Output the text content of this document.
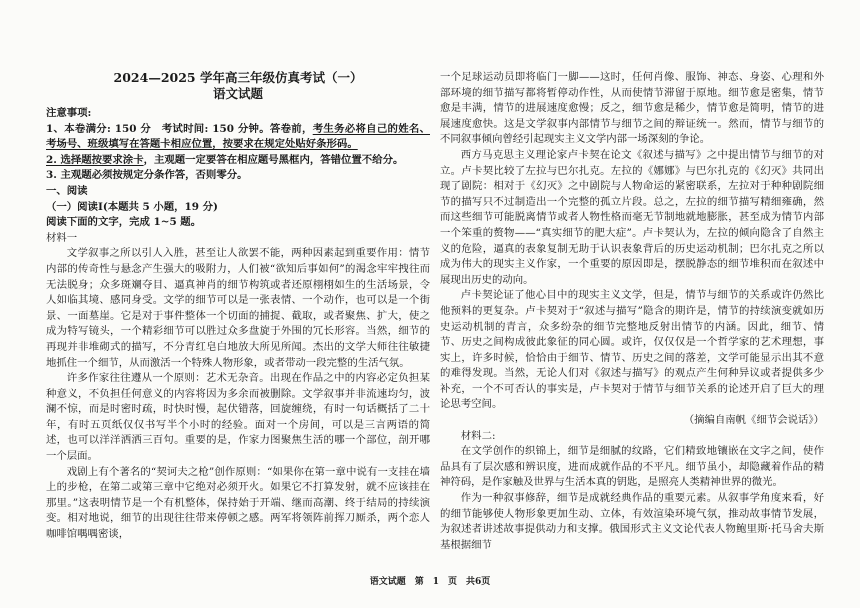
2024—2025 学年高三年级仿真考试（一）

语文试题

注意事项:

1、本卷满分: 150 分　考试时间: 150 分钟。答卷前，考生务必将自己的姓名、考场号、班级填写在答题卡相应位置，按要求在规定处贴好条形码。

2. 选择题按要求涂卡，主观题一定要答在相应题号黑框内，答错位置不给分。

3. 主观题必须按规定分条作答，否则零分。

一、阅读

（一）阅读Ⅰ(本题共 5 小题，19 分)

阅读下面的文字，完成 1~5 题。

材料一

文学叙事之所以引人入胜，甚至让人欲罢不能，两种因素起到重要作用：情节内部的传奇性与悬念产生强大的吸附力，人们被“欲知后事如何”的渴念牢牢拽往而无法脱身；众多斑斓夺目、逼真神肖的细节构筑或者还原栩栩如生的生活场景，令人如临其境、感同身受。文学的细节可以是一张表情、一个动作，也可以是一个街景、一面墓崖。它是对于事件整体一个切面的捕捉、截取，或者聚焦、扩大，使之成为特写镜头，一个精彩细节可以胜过众多盘旋于外围的冗长形容。当然，细节的再现并非堆砌式的描写，不分青红皂白地放大所见所闻。杰出的文学大师往往敏捷地抓住一个细节，从而激活一个特殊人物形象，或者带动一段完整的生活气氛。

许多作家往往遵从一个原则：艺术无杂音。出现在作品之中的内容必定负担某种意义，不负担任何意义的内容将因为多余而被删除。文学叙事并非流速均匀，波澜不惊，而是时密时疏，时快时慢，起伏错落，回旋缠绕，有时一句话概括了二十年，有时五页纸仅仅书写半个小时的经验。面对一个房间，可以是三言两语的简述，也可以洋洋洒洒三百句。重要的是，作家力图聚焦生活的哪一个部位，剖开哪一个层面。

戏剧上有个著名的“契诃夫之枪”创作原则：“如果你在第一章中说有一支挂在墙上的步枪，在第二或第三章中它绝对必须开火。如果它不打算发射，就不应该挂在那里。”这表明情节是一个有机整体，保持始于开端、继而高潮、终于结局的持续演变。相对地说，细节的出现往往带来停顿之感。两军将领阵前挥刀厮杀，两个恋人咖啡馆喁喁密谈，

一个足球运动员即将临门一脚——这时，任何肖像、服饰、神态、身姿、心理和外部环境的细节描写都将暂停动作性，从而使情节滞留于原地。细节愈是密集，情节愈是丰满，情节的进展速度愈慢；反之，细节愈是稀少，情节愈是简明，情节的进展速度愈快。这是文学叙事内部情节与细节之间的辩证统一。然而，情节与细节的不同叙事倾向曾经引起现实主义文学内部一场深刻的争论。

西方马克思主义理论家卢卡契在论文《叙述与描写》之中提出情节与细节的对立。卢卡契比较了左拉与巴尔扎克。左拉的《娜娜》与巴尔扎克的《幻灭》共同出现了剧院：相对于《幻灭》之中剧院与人物命运的紧密联系，左拉对于种种剧院细节的描写只不过制造出一个完整的孤立片段。总之，左拉的细节描写精细雍确，然而这些细节可能脱离情节或者人物性格而毫无节制地就地膨胀，甚至成为情节内部一个笨重的赘物——“真实细节的肥大症”。卢卡契认为，左拉的倾向隐含了自然主义的危险，逼真的表象复制无助于认识表象背后的历史运动机制；巴尔扎克之所以成为伟大的现实主义作家，一个重要的原因即是，摆脱静态的细节堆积而在叙述中展现出历史的动向。

卢卡契论证了他心目中的现实主义文学，但是，情节与细节的关系或许仍然比他预料的更复杂。卢卡契对于“叙述与描写”隐含的期许是，情节的持续演变就如历史运动机制的青言，众多纷杂的细节完整地反射出情节的内涵。因此，细节、情节、历史之间构成彼此象征的同心圆。或许，仅仅仅是一个哲学家的艺术理想，事实上，许多时候，恰恰由于细节、情节、历史之间的落差，文学可能显示出其不意的难得发现。当然，无论人们对《叙述与描写》的观点产生何种异议或者提供多少补充，一个不可否认的事实是，卢卡契对于情节与细节关系的论述开启了巨大的理论思考空间。

（摘编自南帆《细节会说话》）

材料二:

在文学创作的织锦上，细节是细腻的纹路，它们精致地镶嵌在文字之间，使作品具有了层次感和辨识度，进而成就作品的不平凡。细节虽小，却隐藏着作品的精神符码，是作家触及世界与生活本真的钥匙，是照亮人类精神世界的微光。

作为一种叙事修辞，细节是成就经典作品的重要元素。从叙事学角度来看，好的细节能够使人物形象更加生动、立体，有效渲染环境气氛，推动故事情节发展，为叙述者讲述故事提供动力和支撑。俄国形式主义文论代表人物鲍里斯·托马舍夫斯基根据细节

语文试题　第　1　页　共6页
